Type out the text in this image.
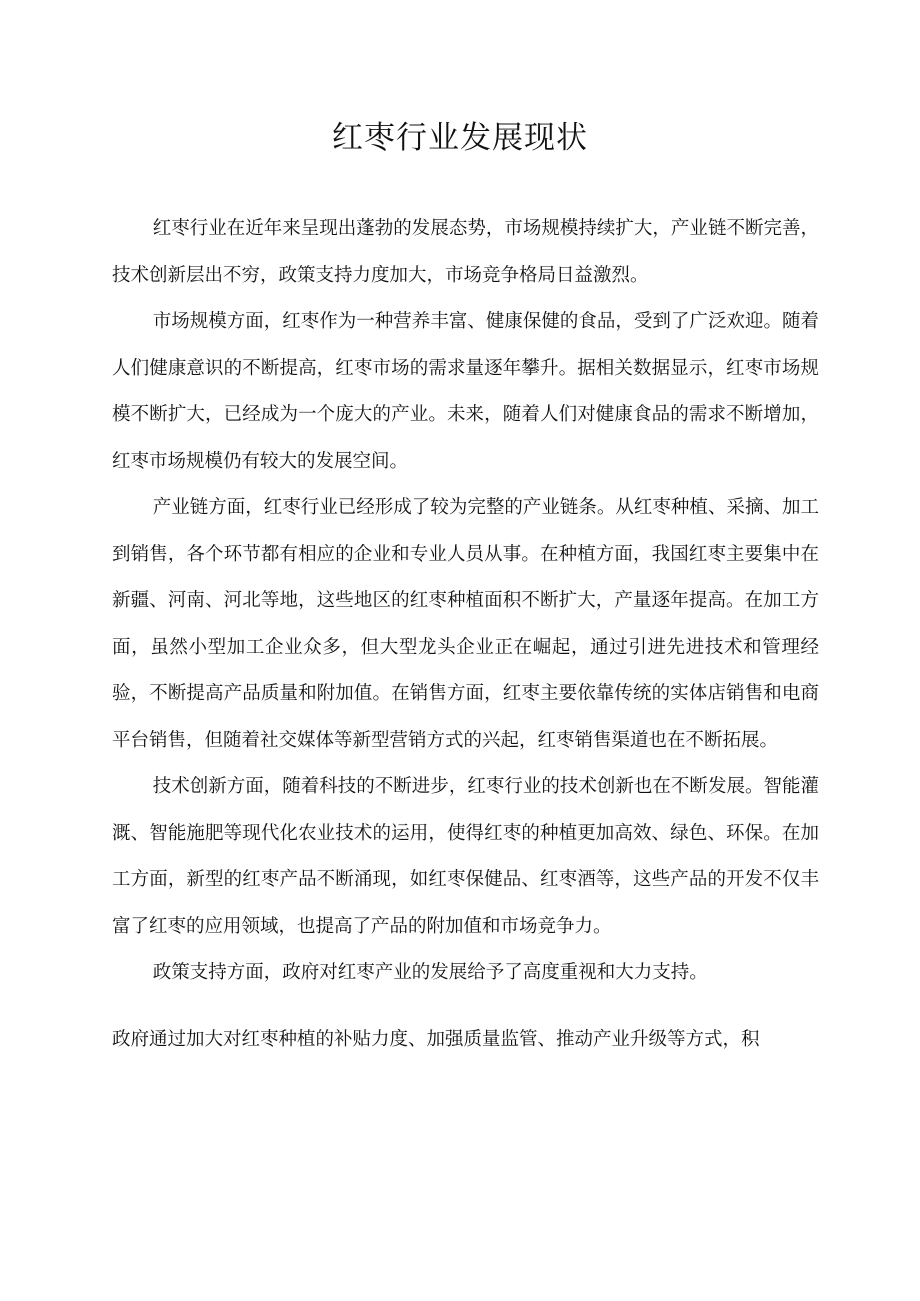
红枣行业发展现状

红枣行业在近年来呈现出蓬勃的发展态势，市场规模持续扩大，产业链不断完善，技术创新层出不穷，政策支持力度加大，市场竞争格局日益激烈。

市场规模方面，红枣作为一种营养丰富、健康保健的食品，受到了广泛欢迎。随着人们健康意识的不断提高，红枣市场的需求量逐年攀升。据相关数据显示，红枣市场规模不断扩大，已经成为一个庞大的产业。未来，随着人们对健康食品的需求不断增加，红枣市场规模仍有较大的发展空间。

产业链方面，红枣行业已经形成了较为完整的产业链条。从红枣种植、采摘、加工到销售，各个环节都有相应的企业和专业人员从事。在种植方面，我国红枣主要集中在新疆、河南、河北等地，这些地区的红枣种植面积不断扩大，产量逐年提高。在加工方面，虽然小型加工企业众多，但大型龙头企业正在崛起，通过引进先进技术和管理经验，不断提高产品质量和附加值。在销售方面，红枣主要依靠传统的实体店销售和电商平台销售，但随着社交媒体等新型营销方式的兴起，红枣销售渠道也在不断拓展。

技术创新方面，随着科技的不断进步，红枣行业的技术创新也在不断发展。智能灌溉、智能施肥等现代化农业技术的运用，使得红枣的种植更加高效、绿色、环保。在加工方面，新型的红枣产品不断涌现，如红枣保健品、红枣酒等，这些产品的开发不仅丰富了红枣的应用领域，也提高了产品的附加值和市场竞争力。

政策支持方面，政府对红枣产业的发展给予了高度重视和大力支持。

政府通过加大对红枣种植的补贴力度、加强质量监管、推动产业升级等方式，积
